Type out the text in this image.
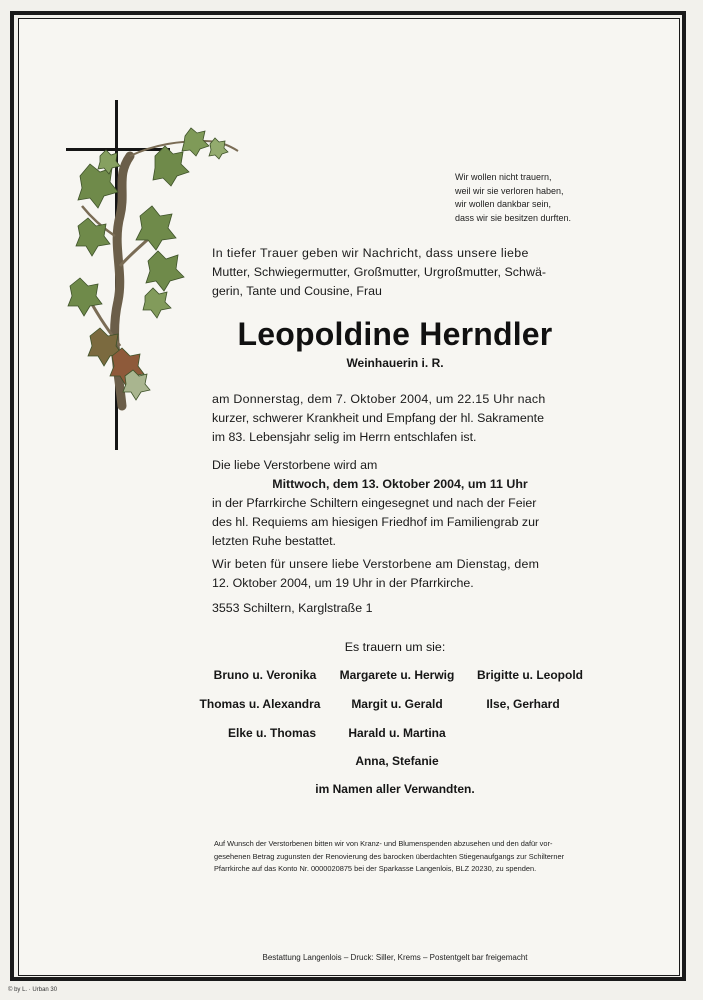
Wir wollen nicht trauern,
weil wir sie verloren haben,
wir wollen dankbar sein,
dass wir sie besitzen durften.
In tiefer Trauer geben wir Nachricht, dass unsere liebe
Mutter, Schwiegermutter, Großmutter, Urgroßmutter, Schwä-
gerin, Tante und Cousine, Frau
Leopoldine Herndler
Weinhauerin i. R.
am Donnerstag, dem 7. Oktober 2004, um 22.15 Uhr nach
kurzer, schwerer Krankheit und Empfang der hl. Sakramente
im 83. Lebensjahr selig im Herrn entschlafen ist.
Die liebe Verstorbene wird am
Mittwoch, dem 13. Oktober 2004, um 11 Uhr
in der Pfarrkirche Schiltern eingesegnet und nach der Feier
des hl. Requiems am hiesigen Friedhof im Familiengrab zur
letzten Ruhe bestattet.
Wir beten für unsere liebe Verstorbene am Dienstag, dem
12. Oktober 2004, um 19 Uhr in der Pfarrkirche.
3553 Schiltern, Karglstraße 1
Es trauern um sie:
Bruno u. Veronika	Margarete u. Herwig	Brigitte u. Leopold
Thomas u. Alexandra	Margit u. Gerald	Ilse, Gerhard
Elke u. Thomas	Harald u. Martina
Anna, Stefanie
im Namen aller Verwandten.
Auf Wunsch der Verstorbenen bitten wir von Kranz- und Blumenspenden abzusehen und den dafür vor-
gesehenen Betrag zugunsten der Renovierung des barocken überdachten Stiegenaufgangs zur Schilterner
Pfarrkirche auf das Konto Nr. 0000020875 bei der Sparkasse Langenlois, BLZ 20230, zu spenden.
Bestattung Langenlois – Druck: Siller, Krems – Postentgelt bar freigemacht
© by L. · Urban 30
